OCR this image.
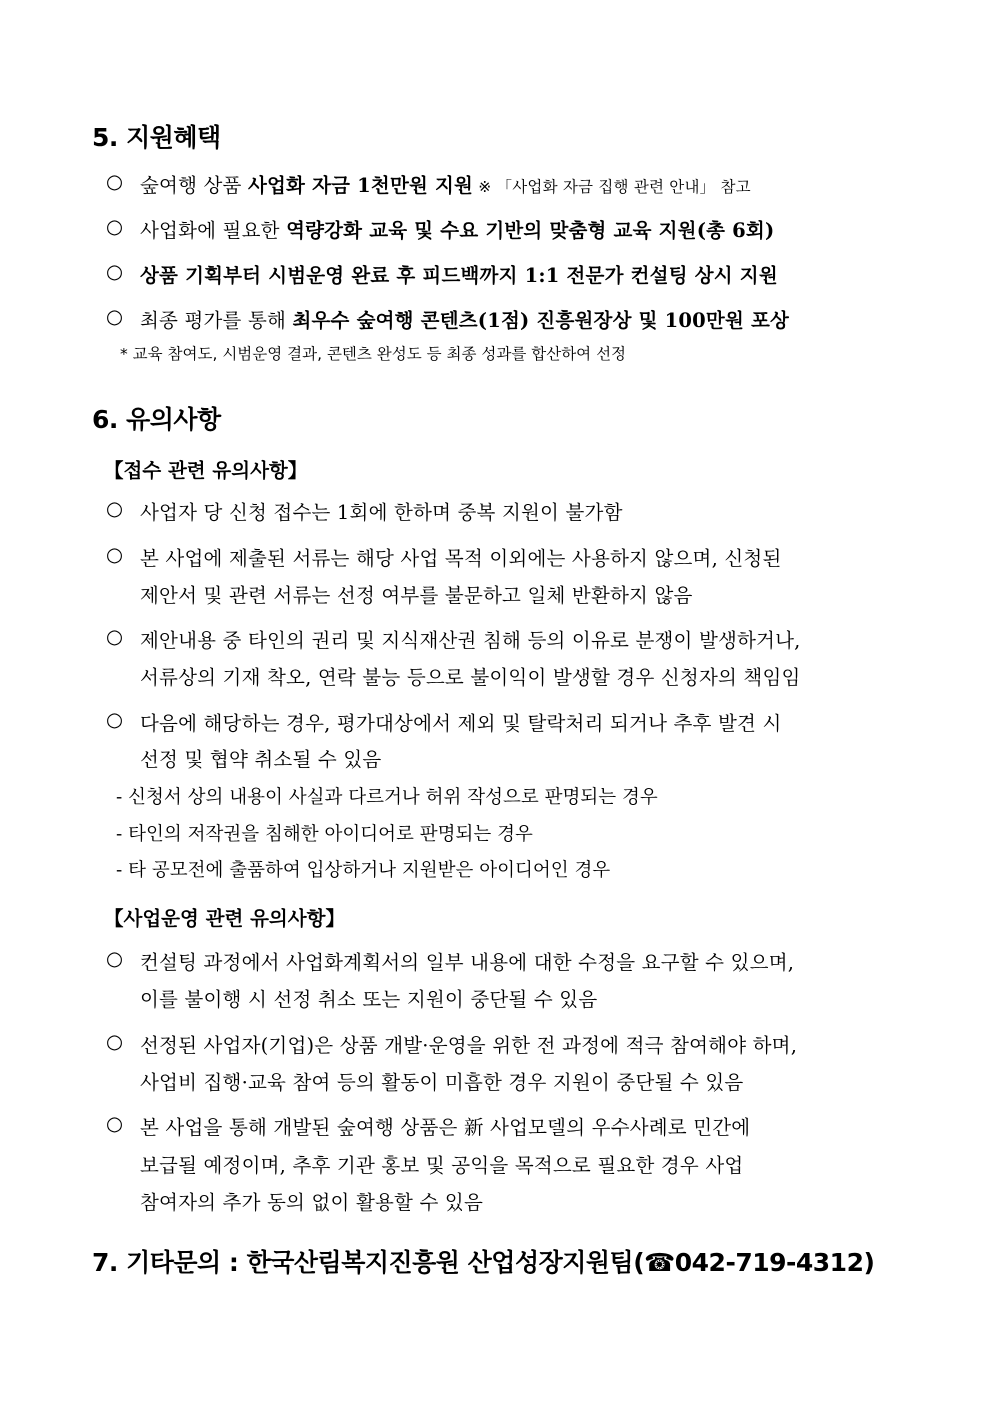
5. 지원혜택
○ 숲여행 상품 사업화 자금 1천만원 지원 ※ 「사업화 자금 집행 관련 안내」 참고
○ 사업화에 필요한 역량강화 교육 및 수요 기반의 맞춤형 교육 지원(총 6회)
○ 상품 기획부터 시범운영 완료 후 피드백까지 1:1 전문가 컨설팅 상시 지원
○ 최종 평가를 통해 최우수 숲여행 콘텐츠(1점) 진흥원장상 및 100만원 포상
* 교육 참여도, 시범운영 결과, 콘텐츠 완성도 등 최종 성과를 합산하여 선정
6. 유의사항
【접수 관련 유의사항】
○ 사업자 당 신청 접수는 1회에 한하며 중복 지원이 불가함
○ 본 사업에 제출된 서류는 해당 사업 목적 이외에는 사용하지 않으며, 신청된
제안서 및 관련 서류는 선정 여부를 불문하고 일체 반환하지 않음
○ 제안내용 중 타인의 권리 및 지식재산권 침해 등의 이유로 분쟁이 발생하거나,
서류상의 기재 착오, 연락 불능 등으로 불이익이 발생할 경우 신청자의 책임임
○ 다음에 해당하는 경우, 평가대상에서 제외 및 탈락처리 되거나 추후 발견 시
선정 및 협약 취소될 수 있음
- 신청서 상의 내용이 사실과 다르거나 허위 작성으로 판명되는 경우
- 타인의 저작권을 침해한 아이디어로 판명되는 경우
- 타 공모전에 출품하여 입상하거나 지원받은 아이디어인 경우
【사업운영 관련 유의사항】
○ 컨설팅 과정에서 사업화계획서의 일부 내용에 대한 수정을 요구할 수 있으며,
이를 불이행 시 선정 취소 또는 지원이 중단될 수 있음
○ 선정된 사업자(기업)은 상품 개발·운영을 위한 전 과정에 적극 참여해야 하며,
사업비 집행·교육 참여 등의 활동이 미흡한 경우 지원이 중단될 수 있음
○ 본 사업을 통해 개발된 숲여행 상품은 新 사업모델의 우수사례로 민간에
보급될 예정이며, 추후 기관 홍보 및 공익을 목적으로 필요한 경우 사업
참여자의 추가 동의 없이 활용할 수 있음
7. 기타문의 : 한국산림복지진흥원 산업성장지원팀(☎042-719-4312)
